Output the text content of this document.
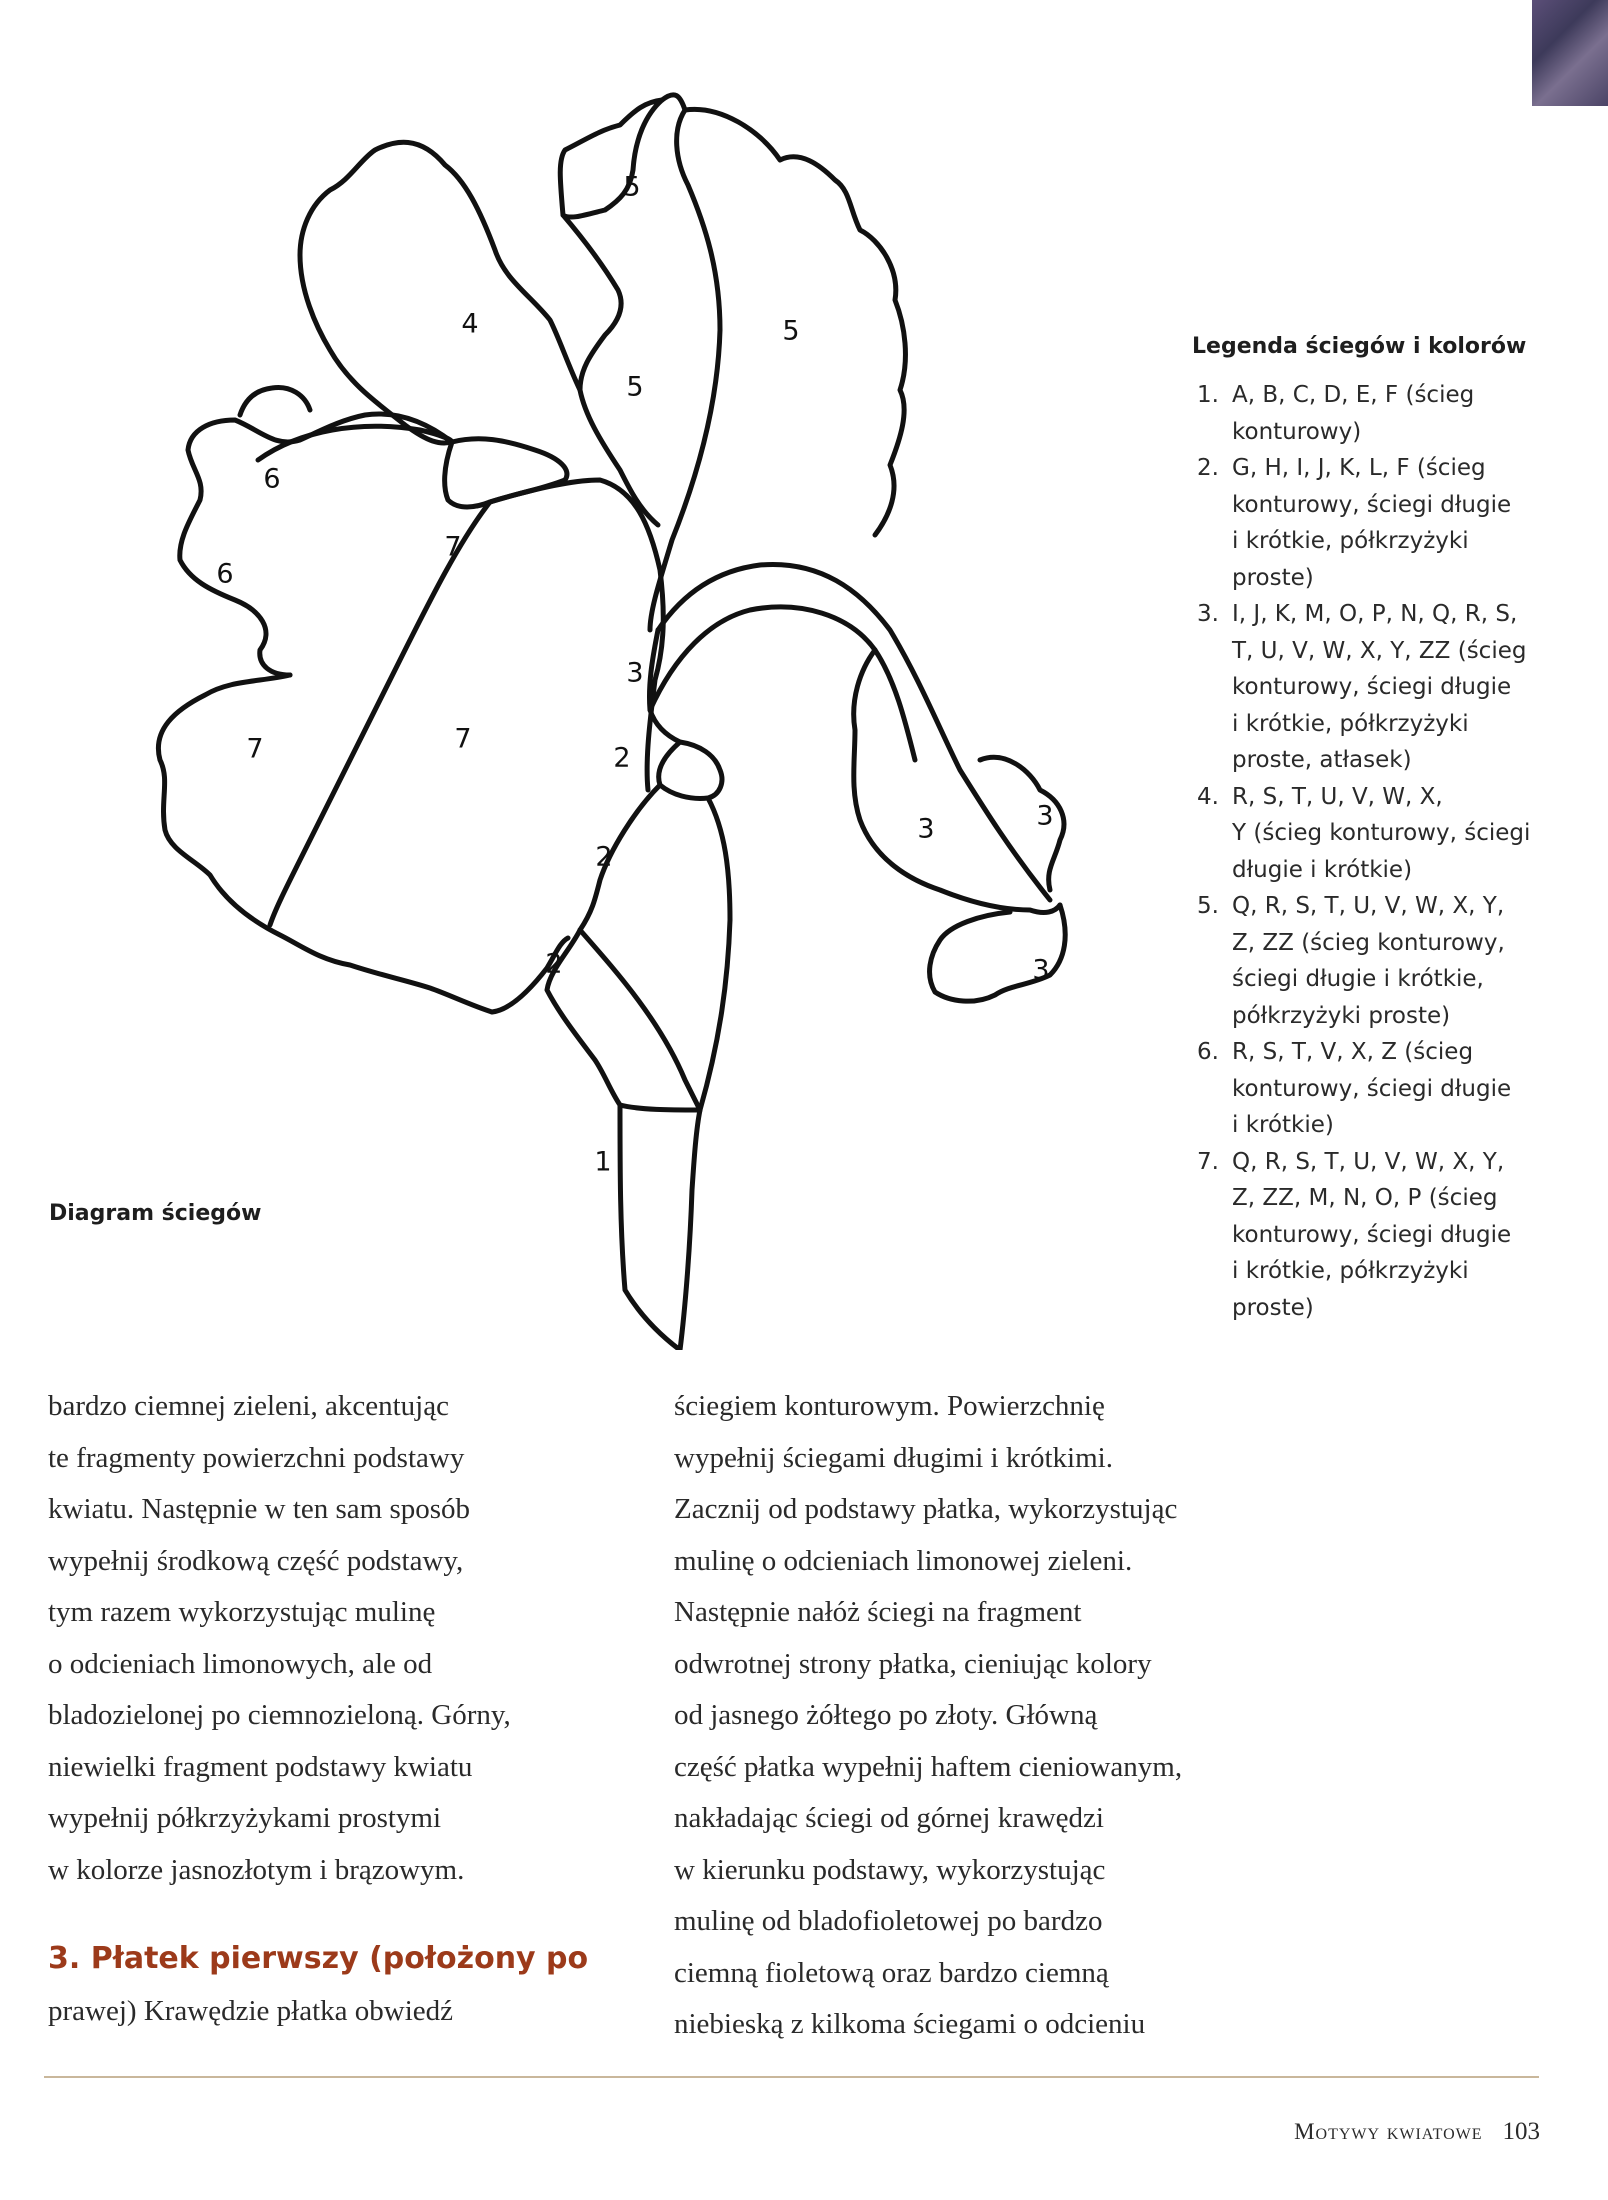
5
4
5
5
6
6
7
3
7	7
2
2
2
3	3
3
1
Diagram ściegów
Legenda ściegów i kolorów
1. A, B, C, D, E, F (ścieg
konturowy)
2. G, H, I, J, K, L, F (ścieg
konturowy, ściegi długie
i krótkie, półkrzyżyki
proste)
3. I, J, K, M, O, P, N, Q, R, S,
T, U, V, W, X, Y, ZZ (ścieg
konturowy, ściegi długie
i krótkie, półkrzyżyki
proste, atłasek)
4. R, S, T, U, V, W, X,
Y (ścieg konturowy, ściegi
długie i krótkie)
5. Q, R, S, T, U, V, W, X, Y,
Z, ZZ (ścieg konturowy,
ściegi długie i krótkie,
półkrzyżyki proste)
6. R, S, T, V, X, Z (ścieg
konturowy, ściegi długie
i krótkie)
7. Q, R, S, T, U, V, W, X, Y,
Z, ZZ, M, N, O, P (ścieg
konturowy, ściegi długie
i krótkie, półkrzyżyki
proste)

bardzo ciemnej zieleni, akcentując

te fragmenty powierzchni podstawy

kwiatu. Następnie w ten sam sposób

wypełnij środkową część podstawy,

tym razem wykorzystując mulinę

o odcieniach limonowych, ale od

bladozielonej po ciemnozieloną. Górny,

niewielki fragment podstawy kwiatu

wypełnij półkrzyżykami prostymi

w kolorze jasnozłotym i brązowym.

3. Płatek pierwszy (położony po

prawej) Krawędzie płatka obwiedź

ściegiem konturowym. Powierzchnię

wypełnij ściegami długimi i krótkimi.

Zacznij od podstawy płatka, wykorzystując

mulinę o odcieniach limonowej zieleni.

Następnie nałóż ściegi na fragment

odwrotnej strony płatka, cieniując kolory

od jasnego żółtego po złoty. Główną

część płatka wypełnij haftem cieniowanym,

nakładając ściegi od górnej krawędzi

w kierunku podstawy, wykorzystując

mulinę od bladofioletowej po bardzo

ciemną fioletową oraz bardzo ciemną

niebieską z kilkoma ściegami o odcieniu

Motywy kwiatowe 103
